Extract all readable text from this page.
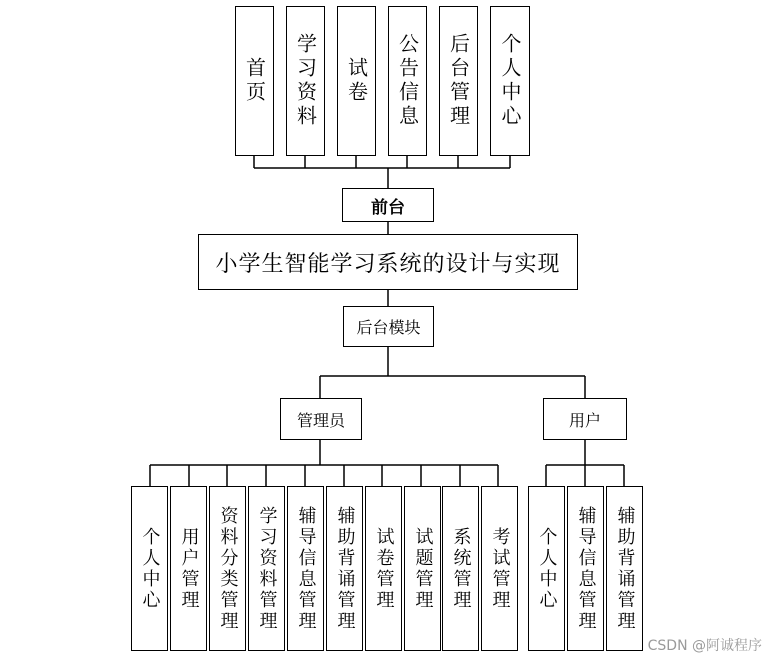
首页 学习资料 试卷 公告信息 后台管理 个人中心
前台
小学生智能学习系统的设计与实现
后台模块
管理员	用户
个人中心 用户管理 资料分类管理 学习资料管理 辅导信息管理 辅助背诵管理 试卷管理 试题管理 系统管理 考试管理 个人中心 辅导信息管理 辅助背诵管理
CSDN @阿诚程序
